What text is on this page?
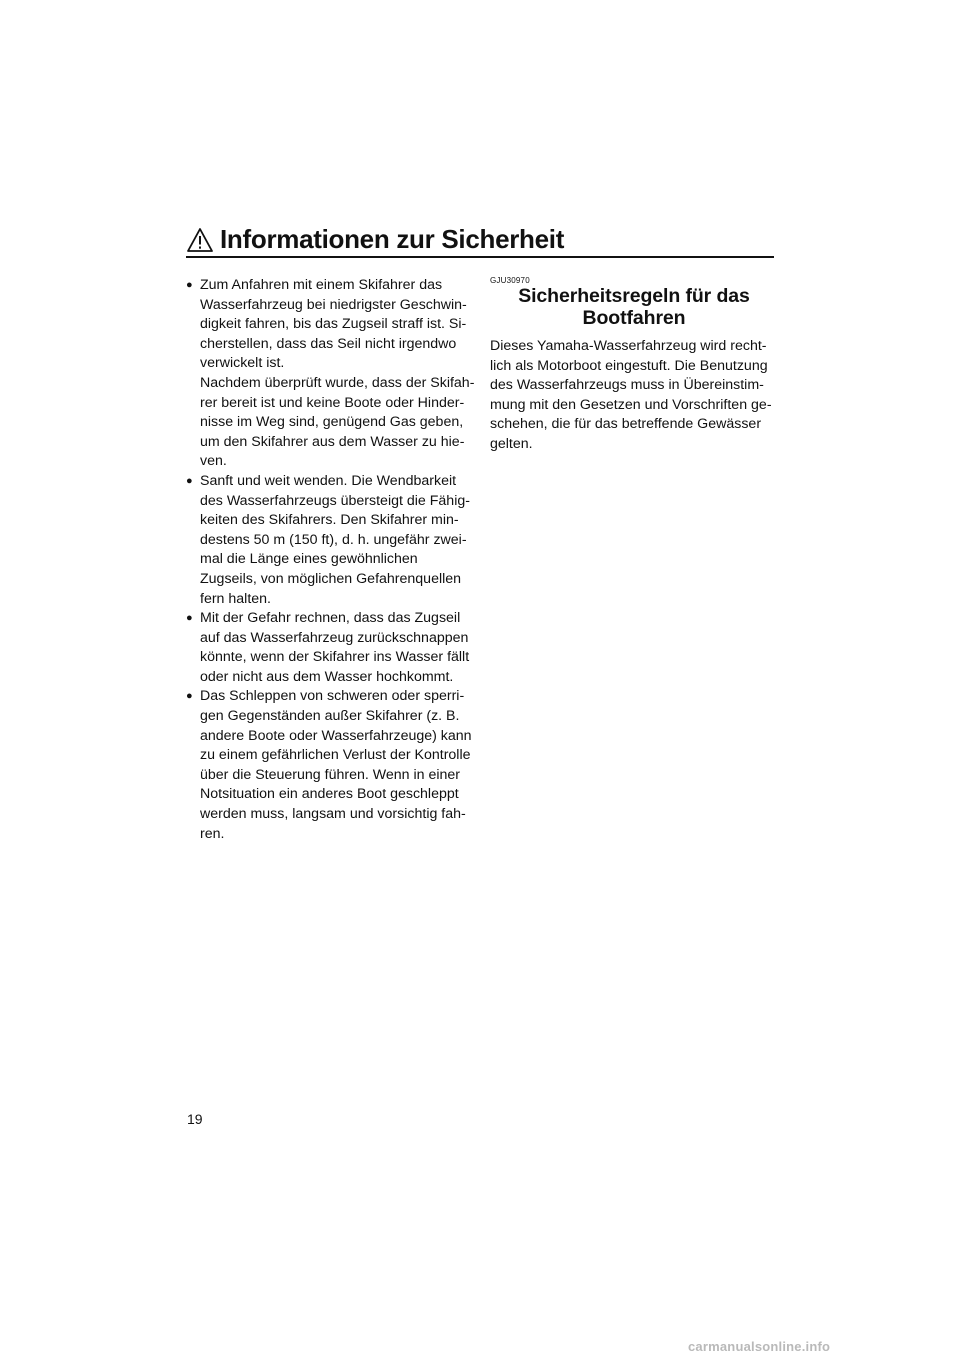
Informationen zur Sicherheit
● Zum Anfahren mit einem Skifahrer das
Wasserfahrzeug bei niedrigster Geschwin-
digkeit fahren, bis das Zugseil straff ist. Si-
cherstellen, dass das Seil nicht irgendwo
verwickelt ist.
Nachdem überprüft wurde, dass der Skifah-
rer bereit ist und keine Boote oder Hinder-
nisse im Weg sind, genügend Gas geben,
um den Skifahrer aus dem Wasser zu hie-
ven.
● Sanft und weit wenden. Die Wendbarkeit
des Wasserfahrzeugs übersteigt die Fähig-
keiten des Skifahrers. Den Skifahrer min-
destens 50 m (150 ft), d. h. ungefähr zwei-
mal die Länge eines gewöhnlichen
Zugseils, von möglichen Gefahrenquellen
fern halten.
● Mit der Gefahr rechnen, dass das Zugseil
auf das Wasserfahrzeug zurückschnappen
könnte, wenn der Skifahrer ins Wasser fällt
oder nicht aus dem Wasser hochkommt.
● Das Schleppen von schweren oder sperri-
gen Gegenständen außer Skifahrer (z. B.
andere Boote oder Wasserfahrzeuge) kann
zu einem gefährlichen Verlust der Kontrolle
über die Steuerung führen. Wenn in einer
Notsituation ein anderes Boot geschleppt
werden muss, langsam und vorsichtig fah-
ren.
GJU30970
Sicherheitsregeln für das
Bootfahren
Dieses Yamaha-Wasserfahrzeug wird recht-
lich als Motorboot eingestuft. Die Benutzung
des Wasserfahrzeugs muss in Übereinstim-
mung mit den Gesetzen und Vorschriften ge-
schehen, die für das betreffende Gewässer
gelten.
19
carmanualsonline.info
